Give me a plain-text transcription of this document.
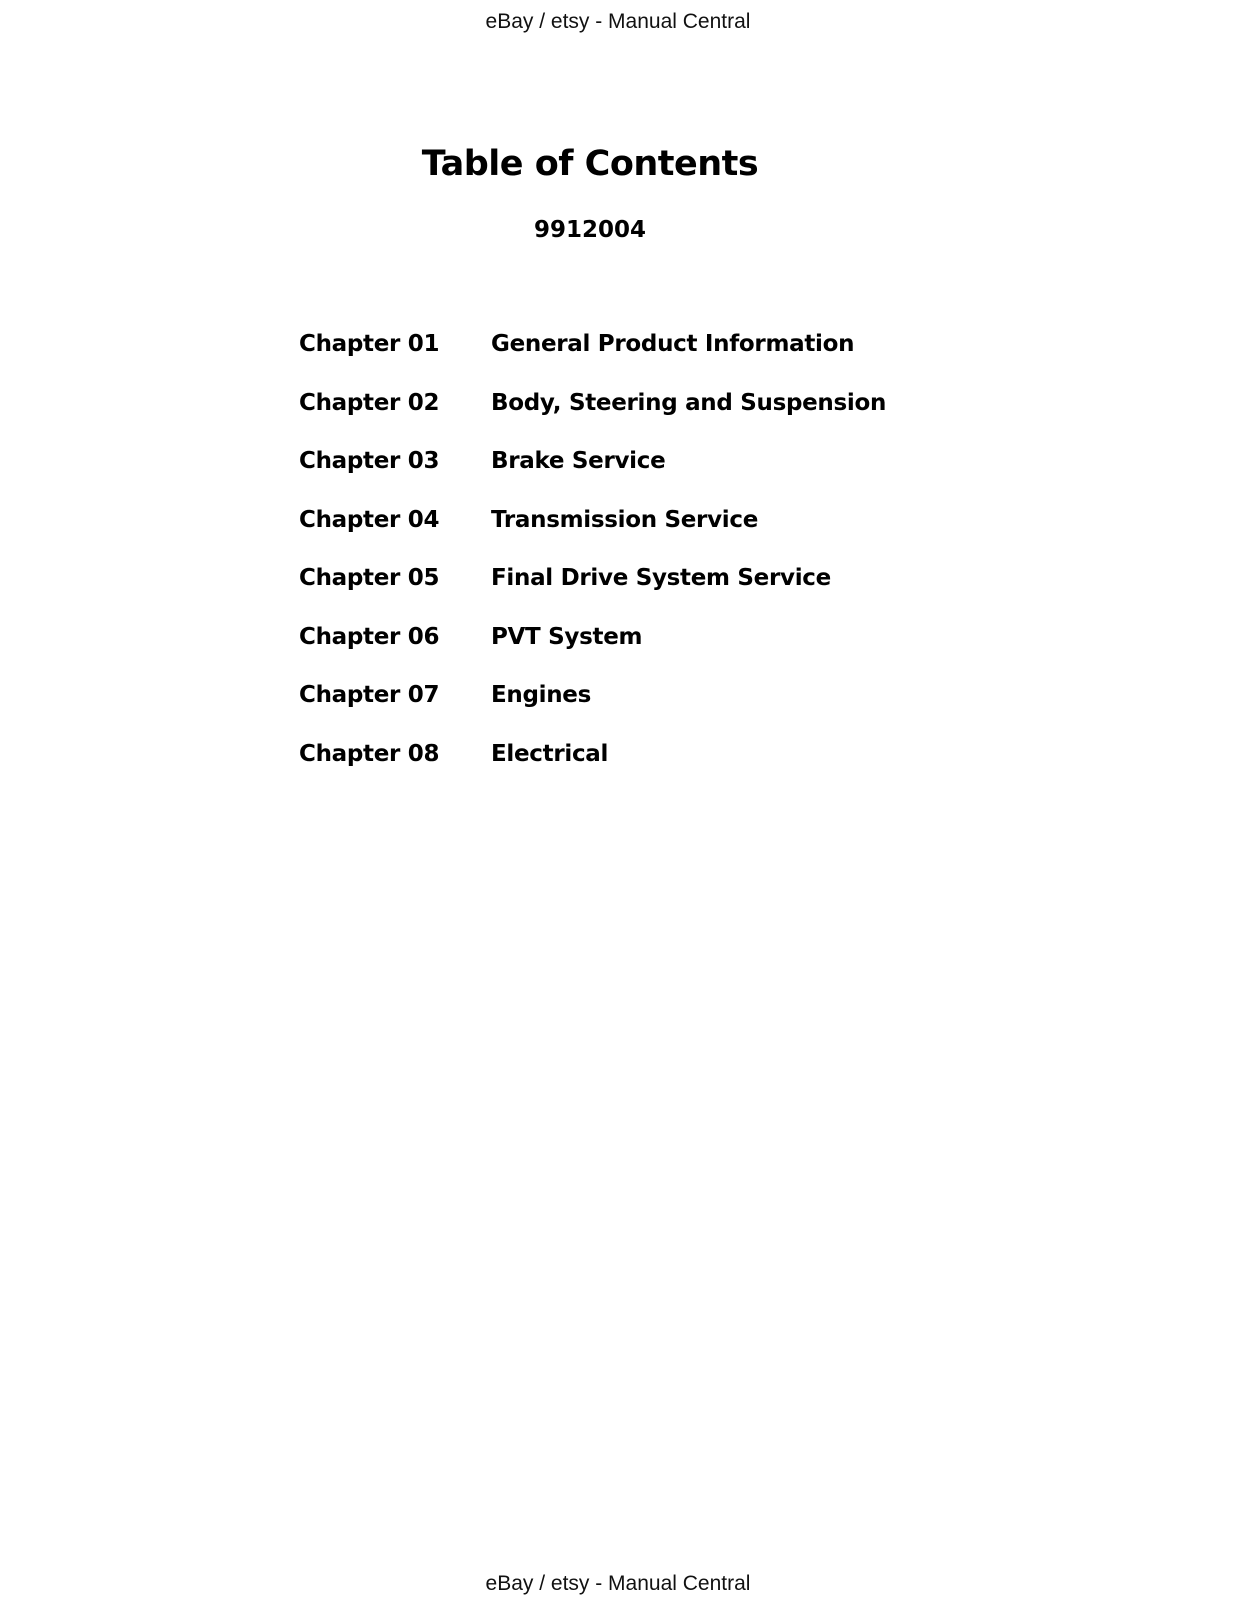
eBay / etsy - Manual Central
Table of Contents
9912004
Chapter 01	General Product Information
Chapter 02	Body, Steering and Suspension
Chapter 03	Brake Service
Chapter 04	Transmission Service
Chapter 05	Final Drive System Service
Chapter 06	PVT System
Chapter 07	Engines
Chapter 08	Electrical
eBay / etsy - Manual Central
